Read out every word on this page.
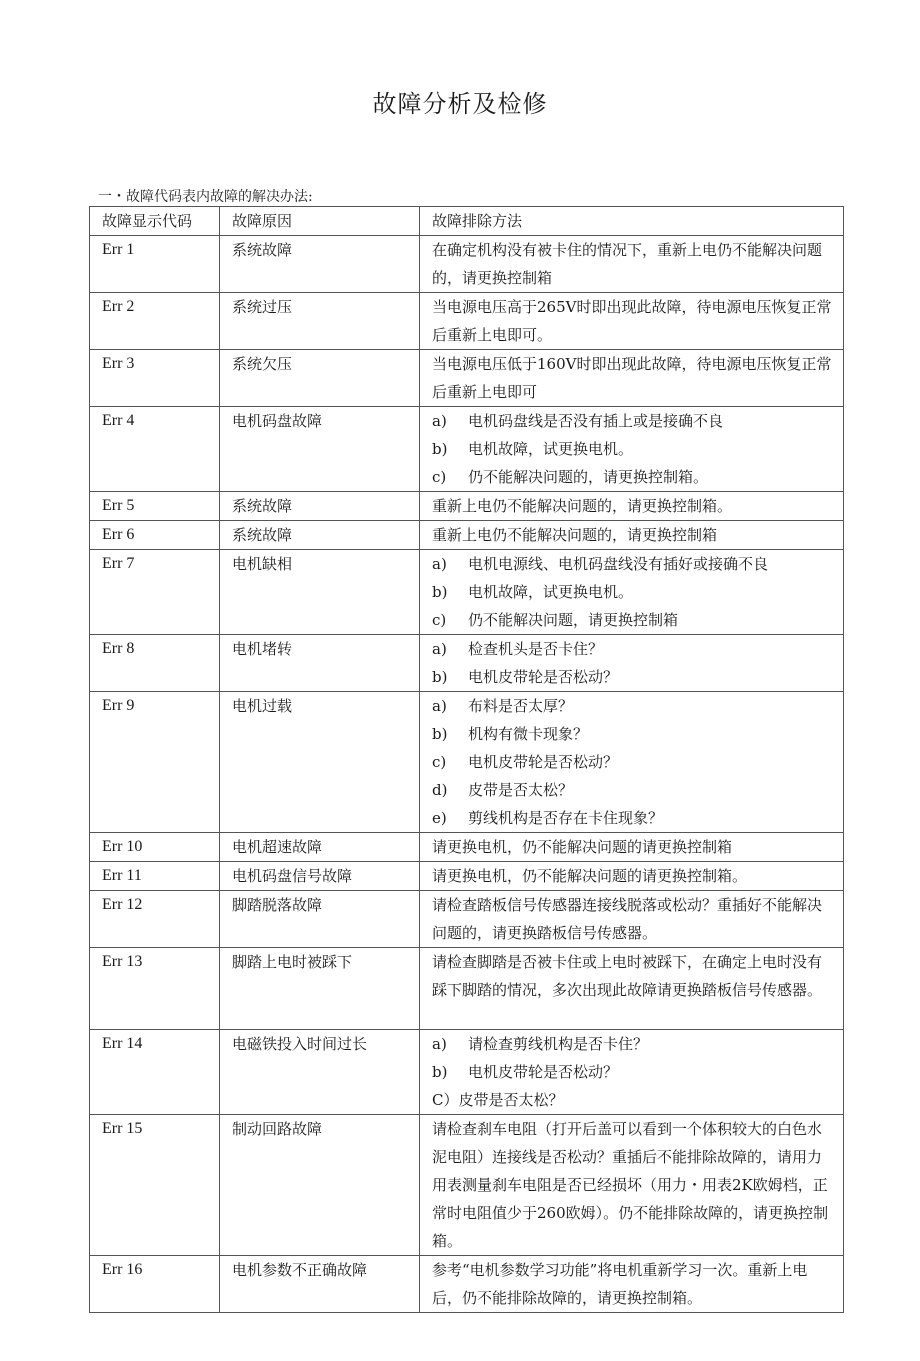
故障分析及检修
一・故障代码表内故障的解决办法:
故障显示代码	故障原因	故障排除方法
Err 1	系统故障	在确定机构没有被卡住的情况下，重新上电仍不能解决问题的，请更换控制箱
Err 2	系统过压	当电源电压高于265V时即出现此故障，待电源电压恢复正常后重新上电即可。
Err 3	系统欠压	当电源电压低于160V时即出现此故障，待电源电压恢复正常后重新上电即可
Err 4	电机码盘故障	a) 电机码盘线是否没有插上或是接确不良
b) 电机故障，试更换电机。
c) 仍不能解决问题的，请更换控制箱。

Err 5	系统故障	重新上电仍不能解决问题的，请更换控制箱。
Err 6	系统故障	重新上电仍不能解决问题的，请更换控制箱
Err 7	电机缺相	a) 电机电源线、电机码盘线没有插好或接确不良
b) 电机故障，试更换电机。
c) 仍不能解决问题，请更换控制箱

Err 8	电机堵转	a) 检查机头是否卡住？
b) 电机皮带轮是否松动？

Err 9	电机过载	a) 布料是否太厚？
b) 机构有微卡现象？
c) 电机皮带轮是否松动？
d) 皮带是否太松？
e) 剪线机构是否存在卡住现象？

Err 10	电机超速故障	请更换电机，仍不能解决问题的请更换控制箱
Err 11	电机码盘信号故障	请更换电机，仍不能解决问题的请更换控制箱。
Err 12	脚踏脱落故障	请检查踏板信号传感器连接线脱落或松动？重插好不能解决问题的，请更换踏板信号传感器。
Err 13	脚踏上电时被踩下	请检查脚踏是否被卡住或上电时被踩下，在确定上电时没有踩下脚踏的情况，多次出现此故障请更换踏板信号传感器。
Err 14	电磁铁投入时间过长	a) 请检查剪线机构是否卡住？
b) 电机皮带轮是否松动？
C）皮带是否太松？

Err 15	制动回路故障	请检查刹车电阻（打开后盖可以看到一个体积较大的白色水泥电阻）连接线是否松动？重插后不能排除故障的，请用力用表测量刹车电阻是否已经损坏（用力・用表2K欧姆档，正常时电阻值少于260欧姆）。仍不能排除故障的，请更换控制箱。
Err 16	电机参数不正确故障	参考“电机参数学习功能”将电机重新学习一次。重新上电后，仍不能排除故障的，请更换控制箱。
